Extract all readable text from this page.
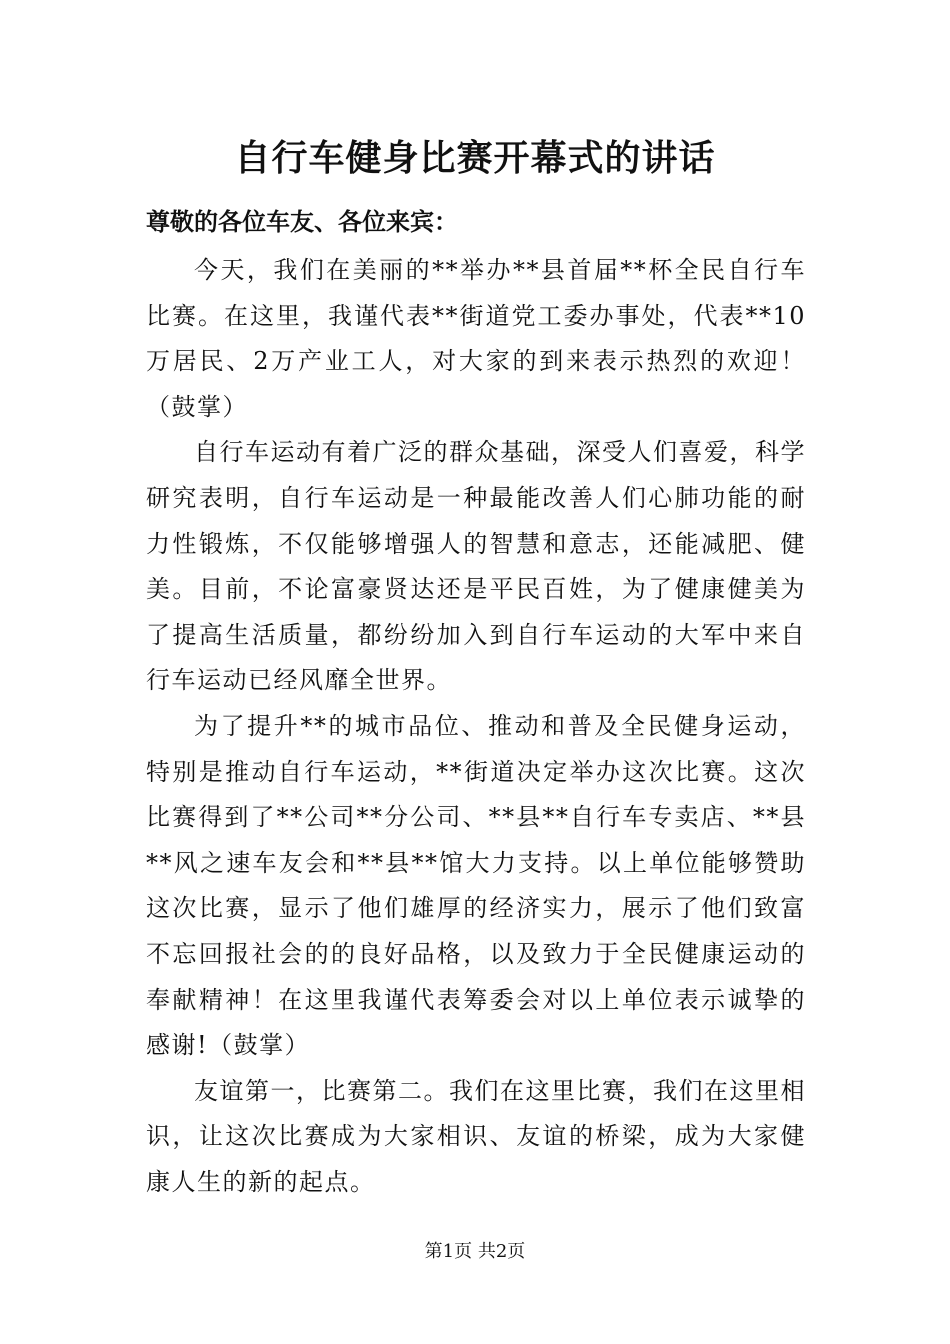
自行车健身比赛开幕式的讲话
尊敬的各位车友、各位来宾：

今天，我们在美丽的**举办**县首届**杯全民自行车比赛。在这里，我谨代表**街道党工委办事处，代表**10万居民、2万产业工人，对大家的到来表示热烈的欢迎！（鼓掌）

自行车运动有着广泛的群众基础，深受人们喜爱，科学研究表明，自行车运动是一种最能改善人们心肺功能的耐力性锻炼，不仅能够增强人的智慧和意志，还能减肥、健美。目前，不论富豪贤达还是平民百姓，为了健康健美为了提高生活质量，都纷纷加入到自行车运动的大军中来自行车运动已经风靡全世界。

为了提升**的城市品位、推动和普及全民健身运动，特别是推动自行车运动，**街道决定举办这次比赛。这次比赛得到了**公司**分公司、**县**自行车专卖店、**县**风之速车友会和**县**馆大力支持。以上单位能够赞助这次比赛，显示了他们雄厚的经济实力，展示了他们致富不忘回报社会的的良好品格，以及致力于全民健康运动的奉献精神！在这里我谨代表筹委会对以上单位表示诚挚的感谢!（鼓掌）

友谊第一，比赛第二。我们在这里比赛，我们在这里相识，让这次比赛成为大家相识、友谊的桥梁，成为大家健康人生的新的起点。

第1页 共2页
